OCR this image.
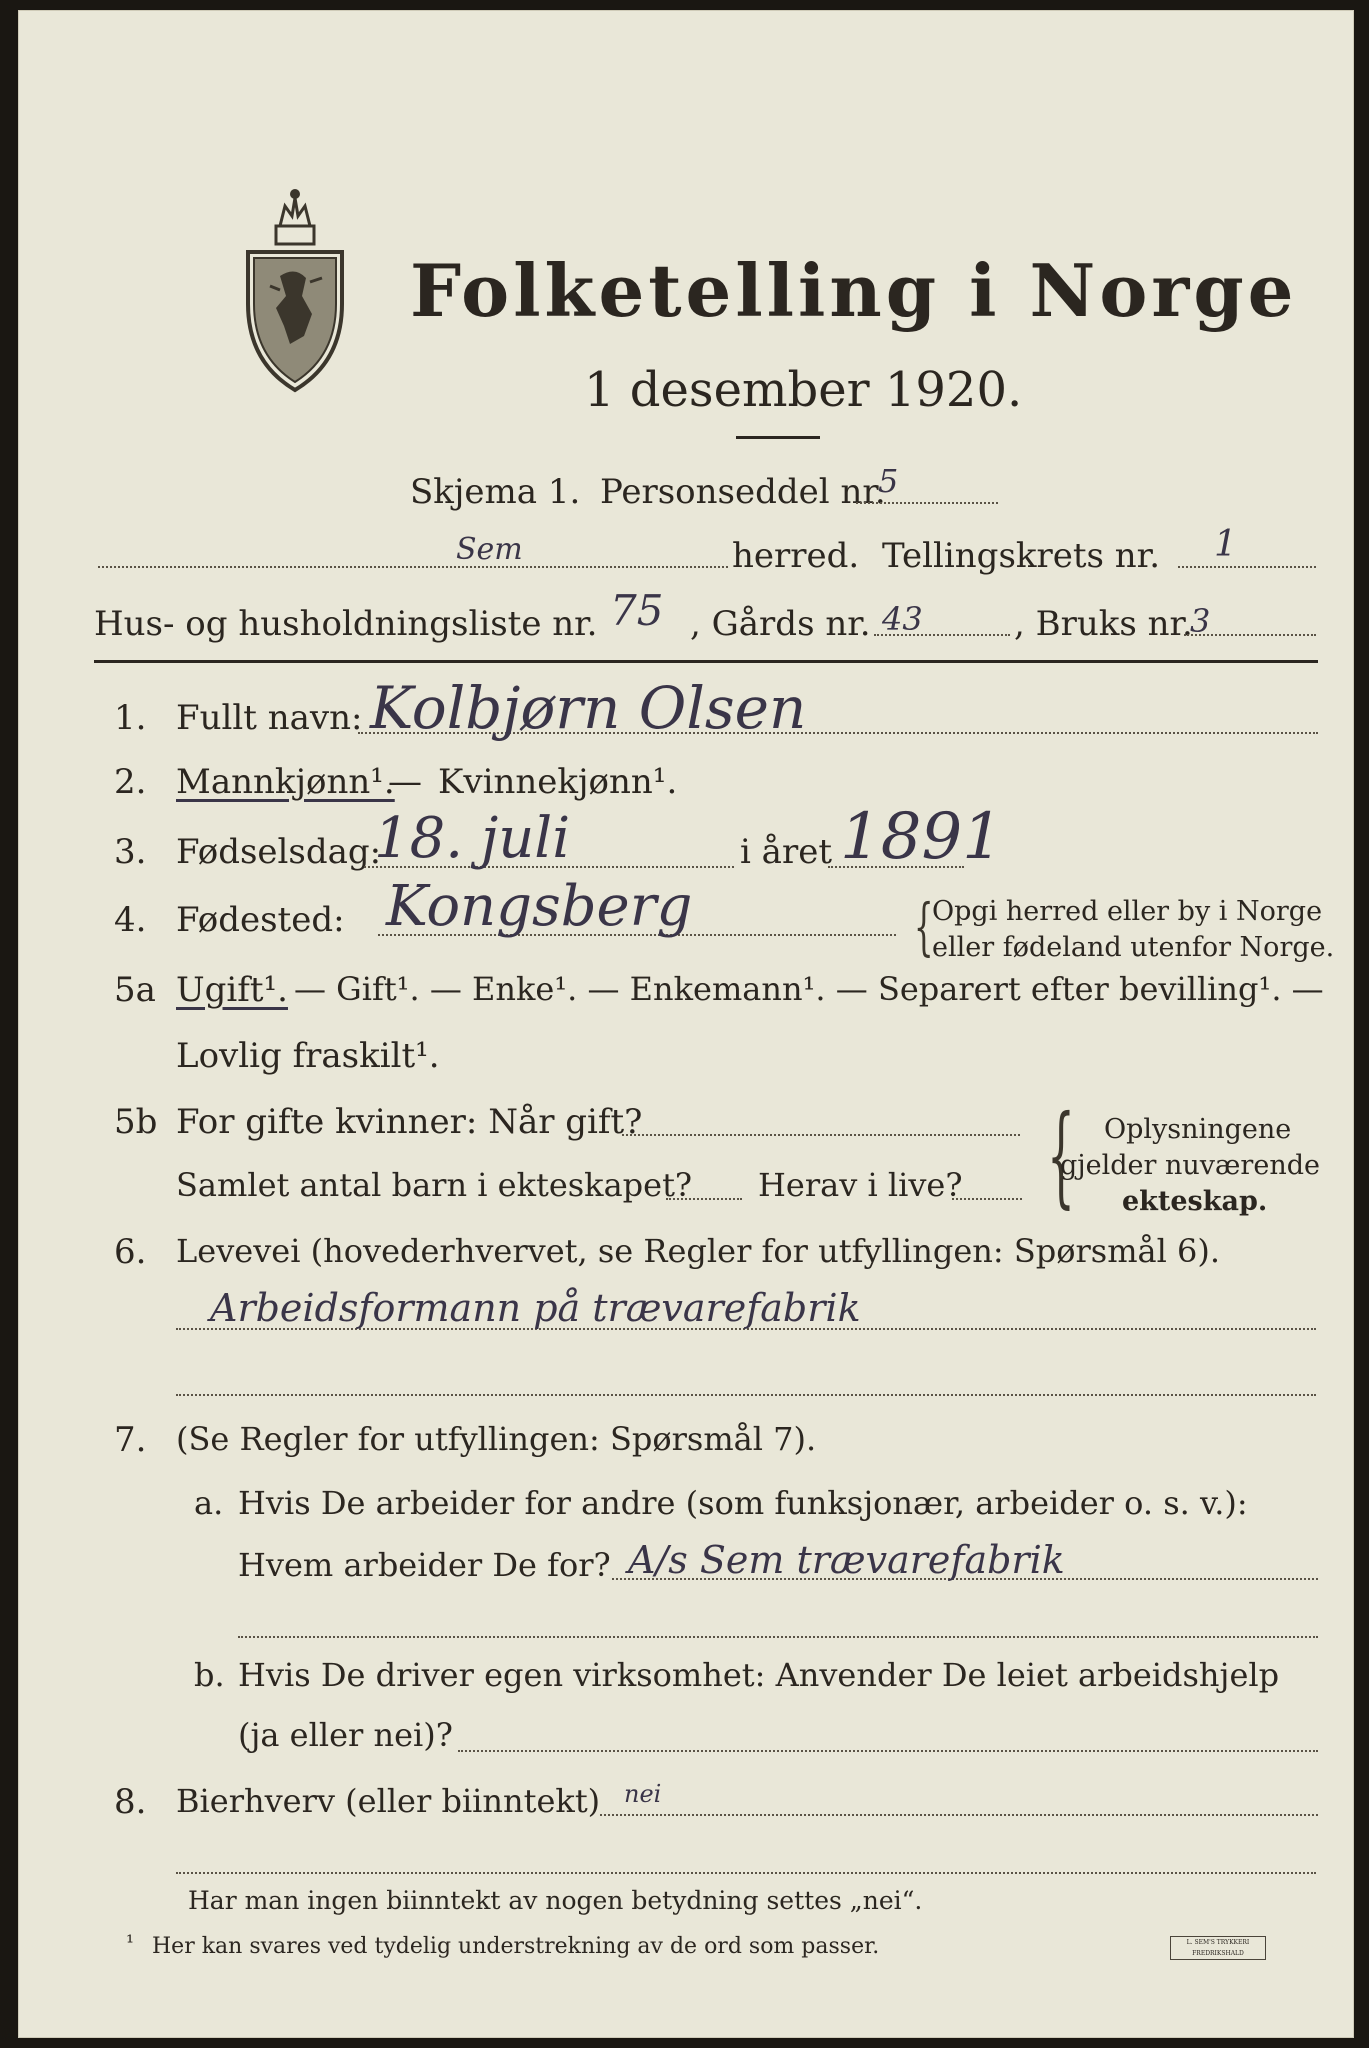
Folketelling i Norge
1 desember 1920.
Skjema 1. Personseddel nr.
5
Sem	herred. Tellingskrets nr. 1
Hus- og husholdningsliste nr. 75 , Gårds nr. 43	, Bruks nr.
3
1. Fullt navn: Kolbjørn Olsen
2. Mannkjønn¹.
— Kvinnekjønn¹.
3. Fødselsdag:
18. juli	i året 1891
4. Fødested: Kongsberg	{
Opgi herred eller by i Norge
eller fødeland utenfor Norge.
5a Ugift¹. — Gift¹. — Enke¹. — Enkemann¹. — Separert efter bevilling¹. —
Lovlig fraskilt¹.
5b For gifte kvinner: Når gift?
Samlet antal barn i ekteskapet? Herav i live? { Oplysningene
gjelder nuværende
ekteskap.
6. Levevei (hovederhvervet, se Regler for utfyllingen: Spørsmål 6).
Arbeidsformann på trævarefabrik
7. (Se Regler for utfyllingen: Spørsmål 7).
a. Hvis De arbeider for andre (som funksjonær, arbeider o. s. v.):
Hvem arbeider De for? A/s Sem trævarefabrik
b. Hvis De driver egen virksomhet: Anvender De leiet arbeidshjelp
(ja eller nei)?
8. Bierhverv (eller biinntekt) nei
Har man ingen biinntekt av nogen betydning settes „nei“.
¹ Her kan svares ved tydelig understrekning av de ord som passer.	L. SEM'S TRYKKERI FREDRIKSHALD
